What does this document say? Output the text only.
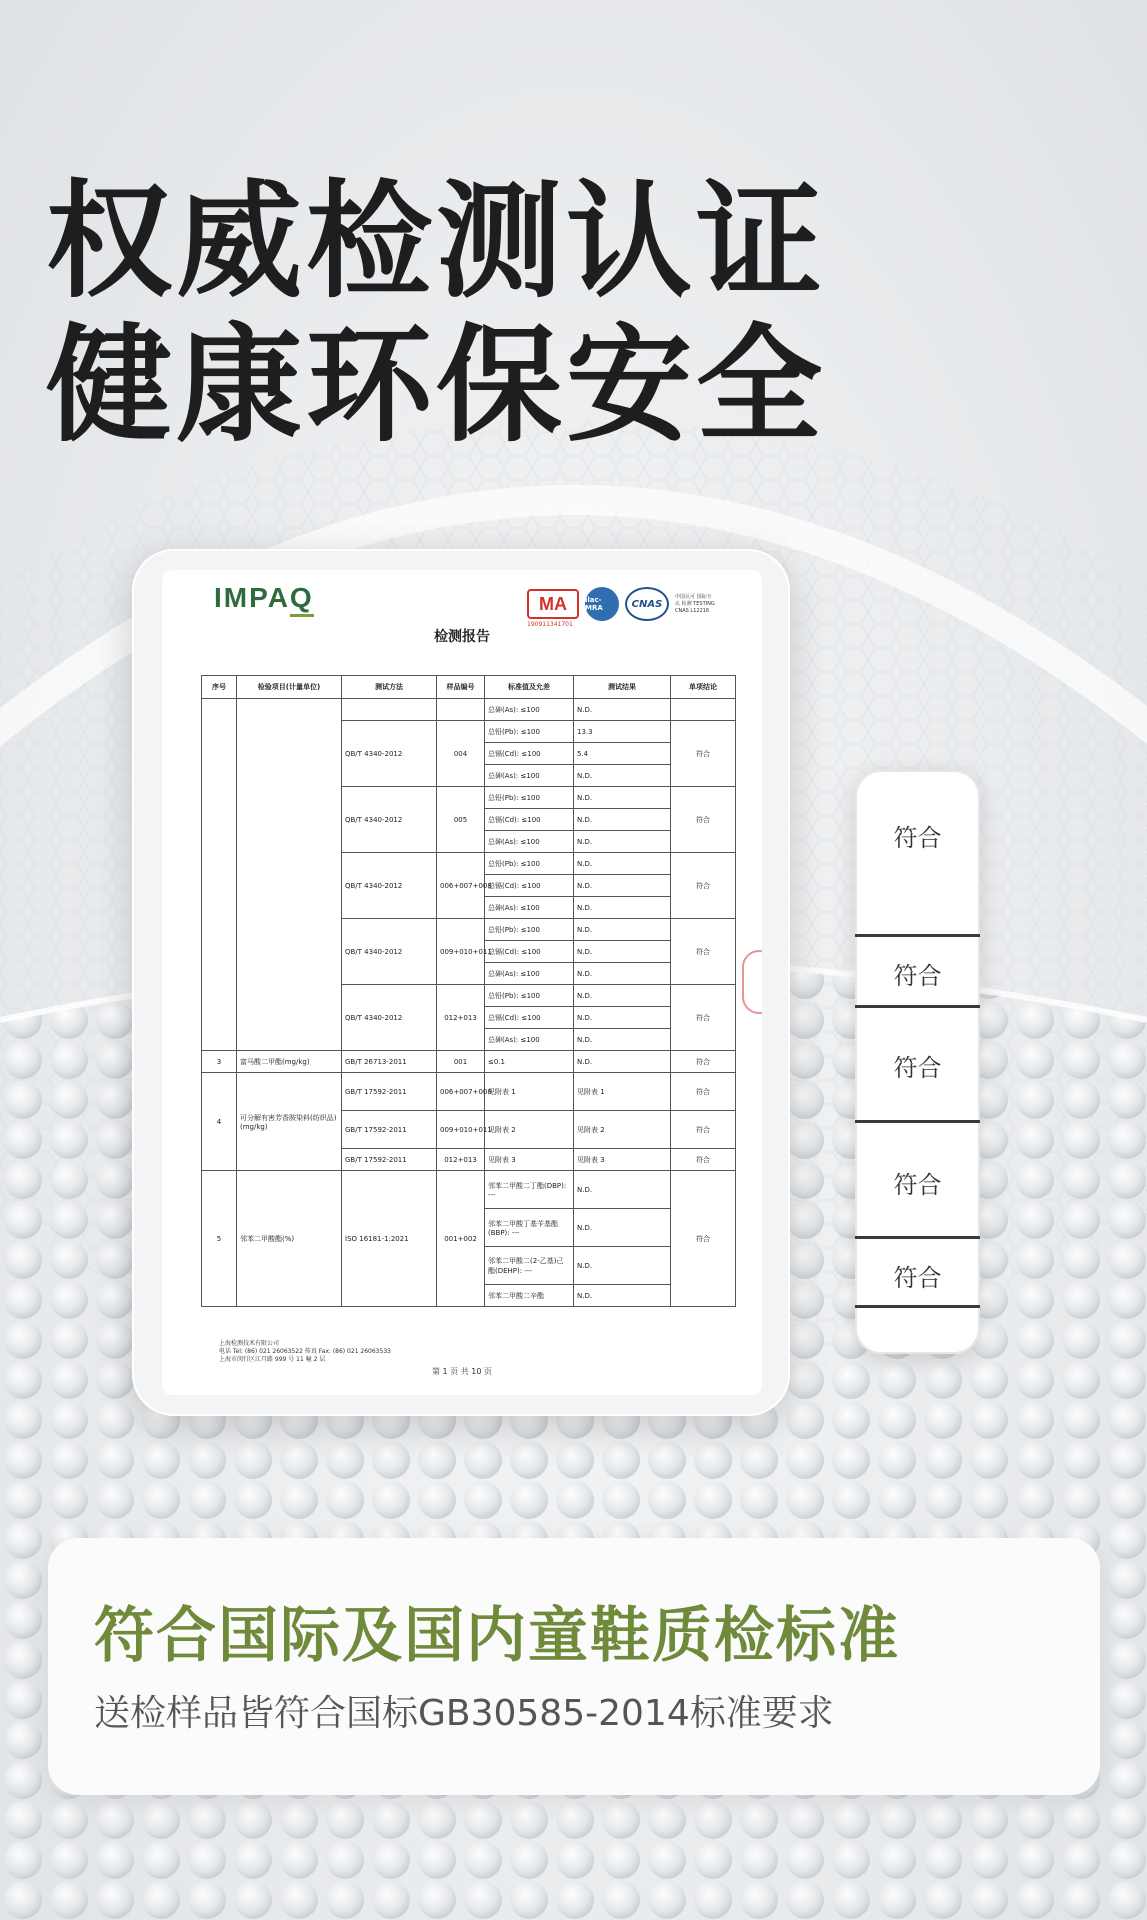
权威检测认证
健康环保安全
IMPAQ	MA
190911341701
ilac-MRA	CNAS
中国认可 国际互认 检测 TESTING CNAS L12216
检测报告
序号	检验项目(计量单位)	测试方法	样品编号	标准值及允差	测试结果	单项结论
				总砷(As): ≤100	N.D.	
		QB/T 4340-2012	004	总铅(Pb): ≤100	13.3	符合
				总镉(Cd): ≤100	5.4	
				总砷(As): ≤100	N.D.	
		QB/T 4340-2012	005	总铅(Pb): ≤100	N.D.	符合
				总镉(Cd): ≤100	N.D.	
				总砷(As): ≤100	N.D.	
		QB/T 4340-2012	006+007+008	总铅(Pb): ≤100	N.D.	符合
				总镉(Cd): ≤100	N.D.	
				总砷(As): ≤100	N.D.	
		QB/T 4340-2012	009+010+011	总铅(Pb): ≤100	N.D.	符合
				总镉(Cd): ≤100	N.D.	
				总砷(As): ≤100	N.D.	
		QB/T 4340-2012	012+013	总铅(Pb): ≤100	N.D.	符合
				总镉(Cd): ≤100	N.D.	
				总砷(As): ≤100	N.D.	
3	富马酸二甲酯(mg/kg)	GB/T 26713-2011	001	≤0.1	N.D.	符合
4	可分解有害芳香胺染料(纺织品)(mg/kg)	GB/T 17592-2011	006+007+008	见附表 1	见附表 1	符合
		GB/T 17592-2011	009+010+011	见附表 2	见附表 2	符合
		GB/T 17592-2011	012+013	见附表 3	见附表 3	符合
5	邻苯二甲酸酯(%)	ISO 16181-1:2021	001+002	邻苯二甲酸二丁酯(DBP): ---	N.D.	符合
				邻苯二甲酸丁基苄基酯(BBP): ---	N.D.	
				邻苯二甲酸二(2-乙基)己酯(DEHP): ---	N.D.	
				邻苯二甲酸二辛酯	N.D.	
上海检测技术有限公司
电话 Tel: (86) 021 26063522 传真 Fax: (86) 021 26063533
上海市闵行区江月路 999 号 11 幢 2 层
第 1 页 共 10 页
符合
符合
符合
符合
符合
符合国际及国内童鞋质检标准

送检样品皆符合国标GB30585-2014标准要求
